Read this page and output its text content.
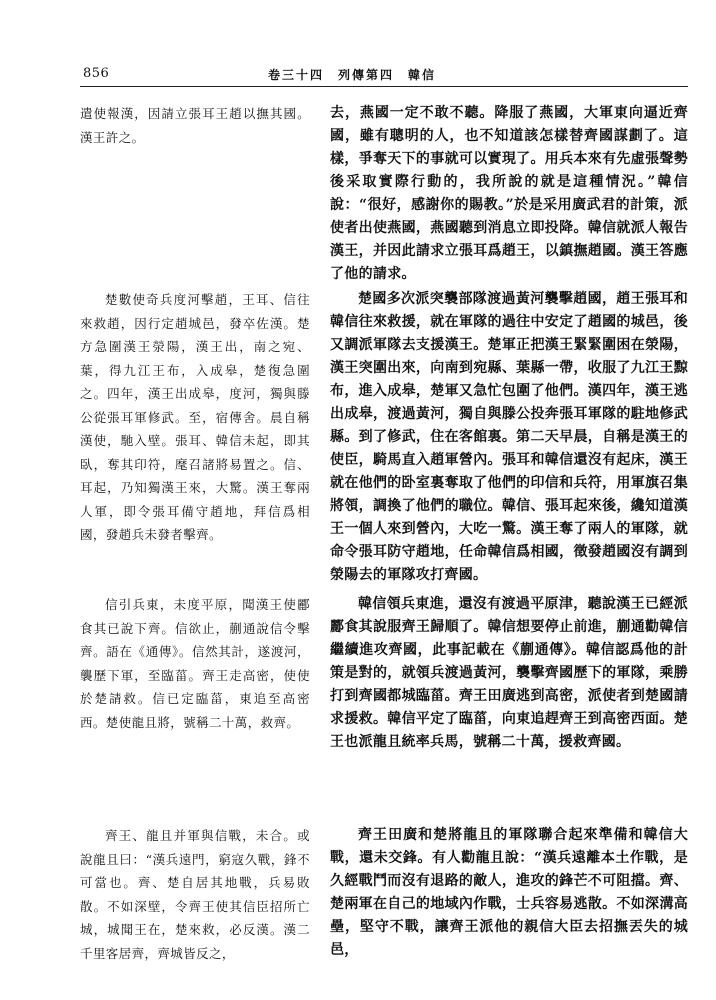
856	卷三十四　列傳第四　韓信

遣使報漢，因請立張耳王趙以撫其國。漢王許之。

楚數使奇兵度河擊趙，王耳、信往來救趙，因行定趙城邑，發卒佐漢。楚方急圍漢王滎陽，漢王出，南之宛、葉，得九江王布，入成皋，楚復急圍之。四年，漢王出成皋，度河，獨與滕公從張耳軍修武。至，宿傳舍。晨自稱漢使，馳入壁。張耳、韓信未起，即其臥，奪其印符，麾召諸將易置之。信、耳起，乃知獨漢王來，大驚。漢王奪兩人軍，即令張耳備守趙地，拜信爲相國，發趙兵未發者擊齊。

信引兵東，未度平原，聞漢王使酈食其已說下齊。信欲止，蒯通說信令擊齊。語在《通傳》。信然其計，遂渡河，襲歷下軍，至臨菑。齊王走高密，使使於楚請救。信已定臨菑，東追至高密西。楚使龍且將，號稱二十萬，救齊。

齊王、龍且并軍與信戰，未合。或說龍且曰：“漢兵遠門，窮寇久戰，鋒不可當也。齊、楚自居其地戰，兵易敗散。不如深壁，令齊王使其信臣招所亡城，城聞王在，楚來救，必反漢。漢二千里客居齊，齊城皆反之，

去，燕國一定不敢不聽。降服了燕國，大軍東向逼近齊國，雖有聰明的人，也不知道該怎樣替齊國謀劃了。這樣，爭奪天下的事就可以實現了。用兵本來有先虛張聲勢後采取實際行動的，我所說的就是這種情況。”韓信說：“很好，感謝你的賜教。”於是采用廣武君的計策，派使者出使燕國，燕國聽到消息立即投降。韓信就派人報告漢王，并因此請求立張耳爲趙王，以鎮撫趙國。漢王答應了他的請求。

楚國多次派突襲部隊渡過黃河襲擊趙國，趙王張耳和韓信往來救援，就在軍隊的過往中安定了趙國的城邑，後又調派軍隊去支援漢王。楚軍正把漢王緊緊圍困在滎陽，漢王突圍出來，向南到宛縣、葉縣一帶，收服了九江王黥布，進入成皋，楚軍又急忙包圍了他們。漢四年，漢王逃出成皋，渡過黃河，獨自與滕公投奔張耳軍隊的駐地修武縣。到了修武，住在客館裏。第二天早晨，自稱是漢王的使臣，騎馬直入趙軍營內。張耳和韓信還沒有起床，漢王就在他們的卧室裏奪取了他們的印信和兵符，用軍旗召集將領，調換了他們的職位。韓信、張耳起來後，纔知道漢王一個人來到營內，大吃一驚。漢王奪了兩人的軍隊，就命令張耳防守趙地，任命韓信爲相國，徵發趙國沒有調到滎陽去的軍隊攻打齊國。

韓信領兵東進，還沒有渡過平原津，聽說漢王已經派酈食其說服齊王歸順了。韓信想要停止前進，蒯通勸韓信繼續進攻齊國，此事記載在《蒯通傳》。韓信認爲他的計策是對的，就領兵渡過黃河，襲擊齊國歷下的軍隊，乘勝打到齊國都城臨菑。齊王田廣逃到高密，派使者到楚國請求援救。韓信平定了臨菑，向東追趕齊王到高密西面。楚王也派龍且統率兵馬，號稱二十萬，援救齊國。

齊王田廣和楚將龍且的軍隊聯合起來準備和韓信大戰，還未交鋒。有人勸龍且說：“漢兵遠離本土作戰，是久經戰鬥而沒有退路的敵人，進攻的鋒芒不可阻擋。齊、楚兩軍在自己的地域內作戰，士兵容易逃散。不如深溝高壘，堅守不戰，讓齊王派他的親信大臣去招撫丟失的城邑，
